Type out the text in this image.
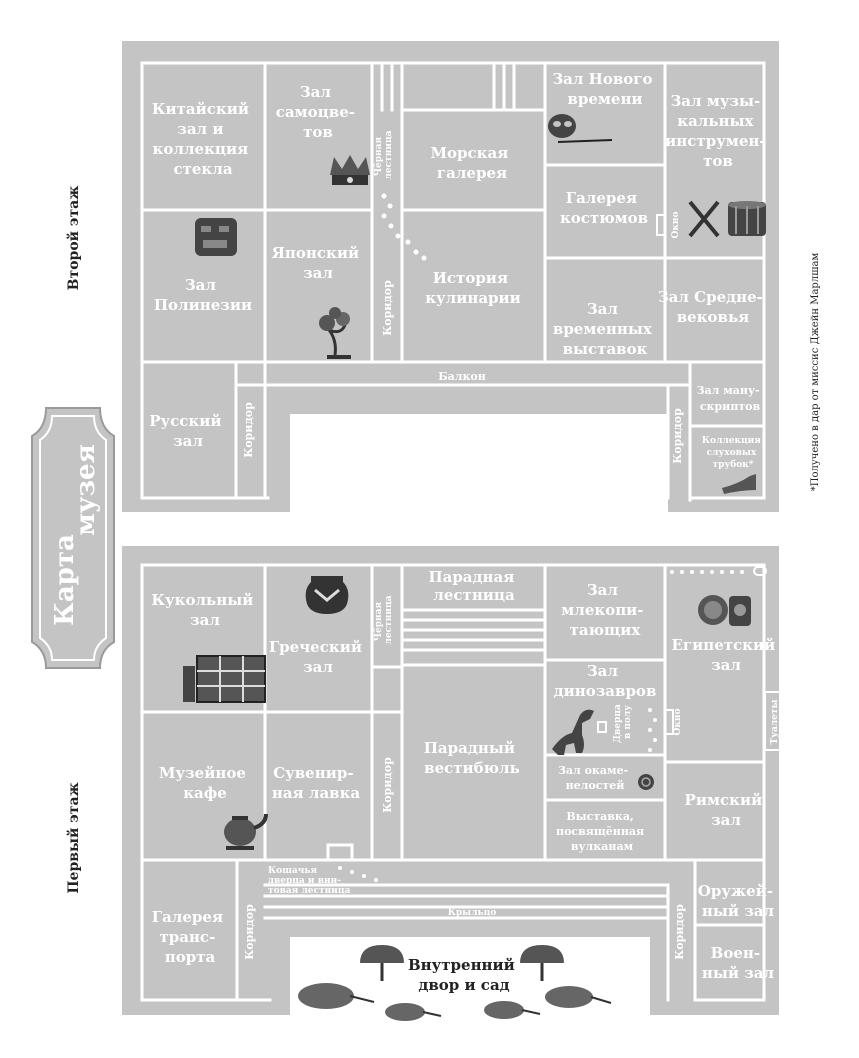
Китайский зал и коллекция стекла
Зал самоцве- тов
Чёрная лестница Морская галерея
Зал Нового времени	Зал музы- кальных инструмен- тов
Галерея костюмов	Окно
Зал Полинезии
Японский зал
Коридор
История кулинарии
Зал временных выставок
Зал Средне- вековья
Балкон
Русский зал	Коридор
Зал ману- скриптов
Коридор Коллекция слуховых трубок*
Кукольный зал	Чёрная лестница
Парадная лестница	Зал млекопи- тающих
Греческий зал	Зал динозавров
Египетский зал
Дверца в полу	Окно	Туалеты
Музейное кафе
Сувенир- ная лавка Коридор
Парадный вестибюль	Зал окаме- нелостей
Римский зал
Выставка, посвящённая вулканам
Кошачья дверца и вин- товая лестница
Крыльцо
Галерея транс- порта	Коридор
Внутренний двор и сад
Оружей- ный зал
Коридор	Воен- ный зал
Карта
музея
Второй этаж
Первый этаж
*Получено в дар от миссис Джейн Марлшам
